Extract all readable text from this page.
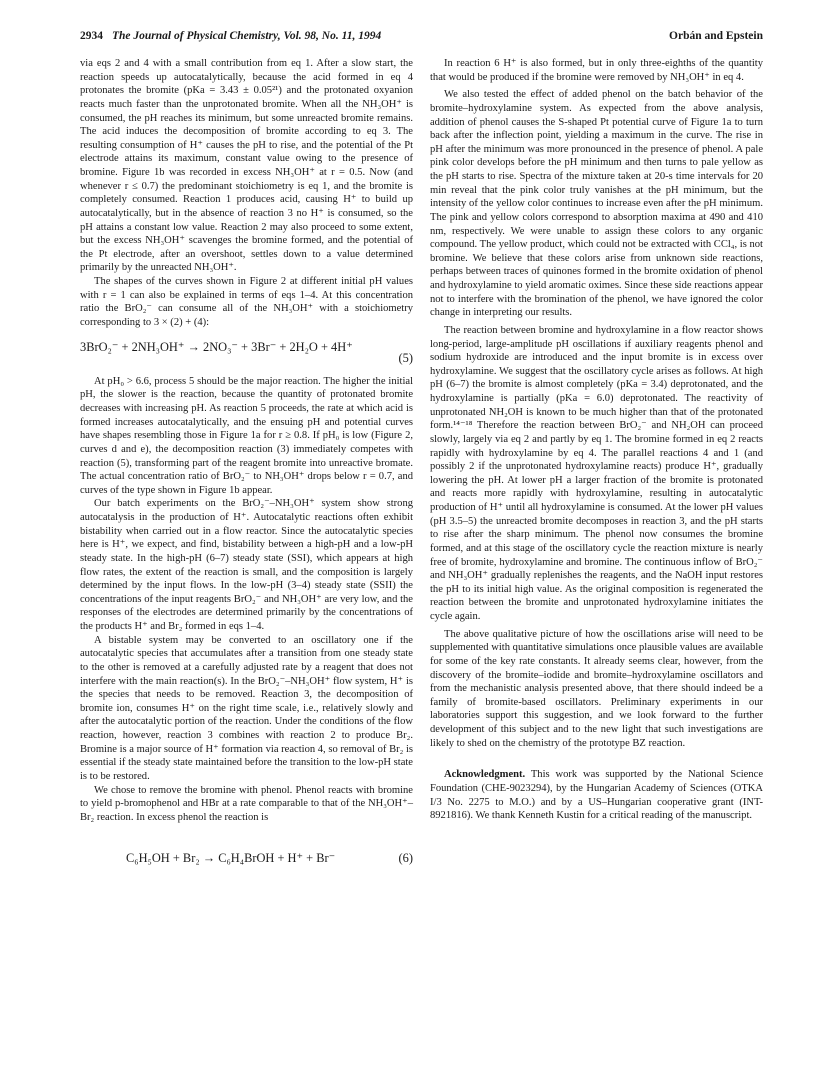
2934 The Journal of Physical Chemistry, Vol. 98, No. 11, 1994	Orbán and Epstein

via eqs 2 and 4 with a small contribution from eq 1. After a slow start, the reaction speeds up autocatalytically, because the acid formed in eq 4 protonates the bromite (pKa = 3.43 ± 0.05²¹) and the protonated oxyanion reacts much faster than the unprotonated bromite. When all the NH₃OH⁺ is consumed, the pH reaches its minimum, but some unreacted bromite remains. The acid induces the decomposition of bromite according to eq 3. The resulting consumption of H⁺ causes the pH to rise, and the potential of the Pt electrode attains its maximum, constant value owing to the presence of bromine. Figure 1b was recorded in excess NH₃OH⁺ at r = 0.5. Now (and whenever r ≤ 0.7) the predominant stoichiometry is eq 1, and the bromite is completely consumed. Reaction 1 produces acid, causing H⁺ to build up autocatalytically, but in the absence of reaction 3 no H⁺ is consumed, so the pH attains a constant low value. Reaction 2 may also proceed to some extent, but the excess NH₃OH⁺ scavenges the bromine formed, and the potential of the Pt electrode, after an overshoot, settles down to a value determined primarily by the unreacted NH₃OH⁺.

The shapes of the curves shown in Figure 2 at different initial pH values with r = 1 can also be explained in terms of eqs 1–4. At this concentration ratio the BrO₂⁻ can consume all of the NH₃OH⁺ with a stoichiometry corresponding to 3 × (2) + (4):

3BrO₂⁻ + 2NH₃OH⁺ → 2NO₃⁻ + 3Br⁻ + 2H₂O + 4H⁺
(5)

At pH₀ > 6.6, process 5 should be the major reaction. The higher the initial pH, the slower is the reaction, because the quantity of protonated bromite decreases with increasing pH. As reaction 5 proceeds, the rate at which acid is formed increases autocatalytically, and the ensuing pH and potential curves have shapes resembling those in Figure 1a for r ≥ 0.8. If pH₀ is low (Figure 2, curves d and e), the decomposition reaction (3) immediately competes with reaction (5), transforming part of the reagent bromite into unreactive bromate. The actual concentration ratio of BrO₂⁻ to NH₃OH⁺ drops below r = 0.7, and curves of the type shown in Figure 1b appear.

Our batch experiments on the BrO₂⁻–NH₃OH⁺ system show strong autocatalysis in the production of H⁺. Autocatalytic reactions often exhibit bistability when carried out in a flow reactor. Since the autocatalytic species here is H⁺, we expect, and find, bistability between a high-pH and a low-pH steady state. In the high-pH (6–7) steady state (SSI), which appears at high flow rates, the extent of the reaction is small, and the composition is largely determined by the input flows. In the low-pH (3–4) steady state (SSII) the concentrations of the input reagents BrO₂⁻ and NH₃OH⁺ are very low, and the responses of the electrodes are determined primarily by the concentrations of the products H⁺ and Br₂ formed in eqs 1–4.

A bistable system may be converted to an oscillatory one if the autocatalytic species that accumulates after a transition from one steady state to the other is removed at a carefully adjusted rate by a reagent that does not interfere with the main reaction(s). In the BrO₂⁻–NH₃OH⁺ flow system, H⁺ is the species that needs to be removed. Reaction 3, the decomposition of bromite ion, consumes H⁺ on the right time scale, i.e., relatively slowly and after the autocatalytic portion of the reaction. Under the conditions of the flow reaction, however, reaction 3 combines with reaction 2 to produce Br₂. Bromine is a major source of H⁺ formation via reaction 4, so removal of Br₂ is essential if the steady state maintained before the transition to the low-pH state is to be restored.

We chose to remove the bromine with phenol. Phenol reacts with bromine to yield p-bromophenol and HBr at a rate comparable to that of the NH₃OH⁺–Br₂ reaction. In excess phenol the reaction is

C₆H₅OH + Br₂ → C₆H₄BrOH + H⁺ + Br⁻	(6)

In reaction 6 H⁺ is also formed, but in only three-eighths of the quantity that would be produced if the bromine were removed by NH₃OH⁺ in eq 4.

We also tested the effect of added phenol on the batch behavior of the bromite–hydroxylamine system. As expected from the above analysis, addition of phenol causes the S-shaped Pt potential curve of Figure 1a to turn back after the inflection point, yielding a maximum in the curve. The rise in pH after the minimum was more pronounced in the presence of phenol. A pale pink color develops before the pH minimum and then turns to pale yellow as the pH starts to rise. Spectra of the mixture taken at 20-s time intervals for 20 min reveal that the pink color truly vanishes at the pH minimum, but the intensity of the yellow color continues to increase even after the pH minimum. The pink and yellow colors correspond to absorption maxima at 490 and 410 nm, respectively. We were unable to assign these colors to any organic compound. The yellow product, which could not be extracted with CCl₄, is not bromine. We believe that these colors arise from unknown side reactions, perhaps between traces of quinones formed in the bromite oxidation of phenol and hydroxylamine to yield aromatic oximes. Since these side reactions appear not to interfere with the bromination of the phenol, we have ignored the color change in interpreting our results.

The reaction between bromine and hydroxylamine in a flow reactor shows long-period, large-amplitude pH oscillations if auxiliary reagents phenol and sodium hydroxide are introduced and the input bromite is in excess over hydroxylamine. We suggest that the oscillatory cycle arises as follows. At high pH (6–7) the bromite is almost completely (pKa = 3.4) deprotonated, and the hydroxylamine is partially (pKa = 6.0) deprotonated. The reactivity of unprotonated NH₂OH is known to be much higher than that of the protonated form.¹⁴⁻¹⁸ Therefore the reaction between BrO₂⁻ and NH₂OH can proceed slowly, largely via eq 2 and partly by eq 1. The bromine formed in eq 2 reacts rapidly with hydroxylamine by eq 4. The parallel reactions 4 and 1 (and possibly 2 if the unprotonated hydroxylamine reacts) produce H⁺, gradually lowering the pH. At lower pH a larger fraction of the bromite is protonated and reacts more rapidly with hydroxylamine, resulting in autocatalytic production of H⁺ until all hydroxylamine is consumed. At the lower pH values (pH 3.5–5) the unreacted bromite decomposes in reaction 3, and the pH starts to rise after the sharp minimum. The phenol now consumes the bromine formed, and at this stage of the oscillatory cycle the reaction mixture is nearly free of bromite, hydroxylamine and bromine. The continuous inflow of BrO₂⁻ and NH₃OH⁺ gradually replenishes the reagents, and the NaOH input restores the pH to its initial high value. As the original composition is regenerated the reaction between the bromite and unprotonated hydroxylamine initiates the cycle again.

The above qualitative picture of how the oscillations arise will need to be supplemented with quantitative simulations once plausible values are available for some of the key rate constants. It already seems clear, however, from the discovery of the bromite–iodide and bromite–hydroxylamine oscillators and from the mechanistic analysis presented above, that there should indeed be a family of bromite-based oscillators. Preliminary experiments in our laboratories support this suggestion, and we look forward to the further development of this subject and to the new light that such investigations are likely to shed on the chemistry of the prototype BZ reaction.

Acknowledgment. This work was supported by the National Science Foundation (CHE-9023294), by the Hungarian Academy of Sciences (OTKA I/3 No. 2275 to M.O.) and by a US–Hungarian cooperative grant (INT-8921816). We thank Kenneth Kustin for a critical reading of the manuscript.
